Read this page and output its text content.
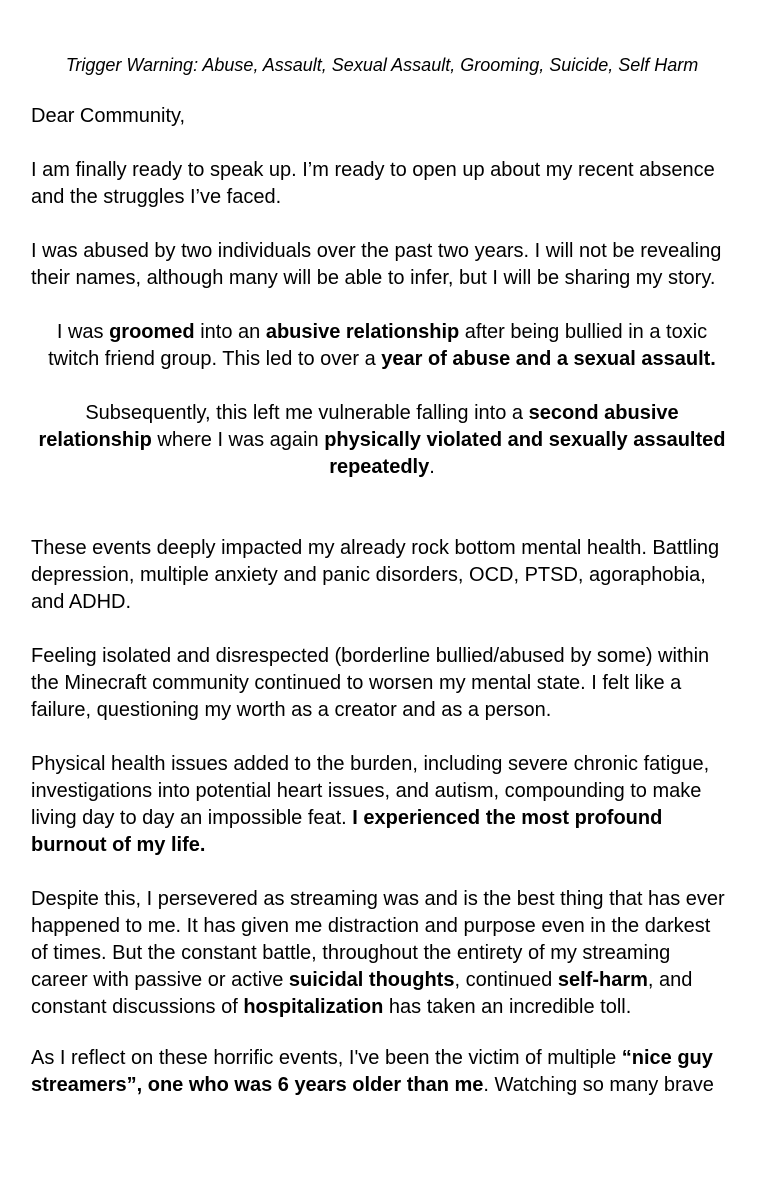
Trigger Warning: Abuse, Assault, Sexual Assault, Grooming, Suicide, Self Harm

Dear Community,

I am finally ready to speak up. I’m ready to open up about my recent absence
and the struggles I’ve faced.

I was abused by two individuals over the past two years. I will not be revealing
their names, although many will be able to infer, but I will be sharing my story.

I was groomed into an abusive relationship after being bullied in a toxic
twitch friend group. This led to over a year of abuse and a sexual assault.

Subsequently, this left me vulnerable falling into a second abusive
relationship where I was again physically violated and sexually assaulted
repeatedly.

These events deeply impacted my already rock bottom mental health. Battling
depression, multiple anxiety and panic disorders, OCD, PTSD, agoraphobia,
and ADHD.

Feeling isolated and disrespected (borderline bullied/abused by some) within
the Minecraft community continued to worsen my mental state. I felt like a
failure, questioning my worth as a creator and as a person.

Physical health issues added to the burden, including severe chronic fatigue,
investigations into potential heart issues, and autism, compounding to make
living day to day an impossible feat. I experienced the most profound
burnout of my life.

Despite this, I persevered as streaming was and is the best thing that has ever
happened to me. It has given me distraction and purpose even in the darkest
of times. But the constant battle, throughout the entirety of my streaming
career with passive or active suicidal thoughts, continued self-harm, and
constant discussions of hospitalization has taken an incredible toll.

As I reflect on these horrific events, I've been the victim of multiple “nice guy
streamers”, one who was 6 years older than me. Watching so many brave
